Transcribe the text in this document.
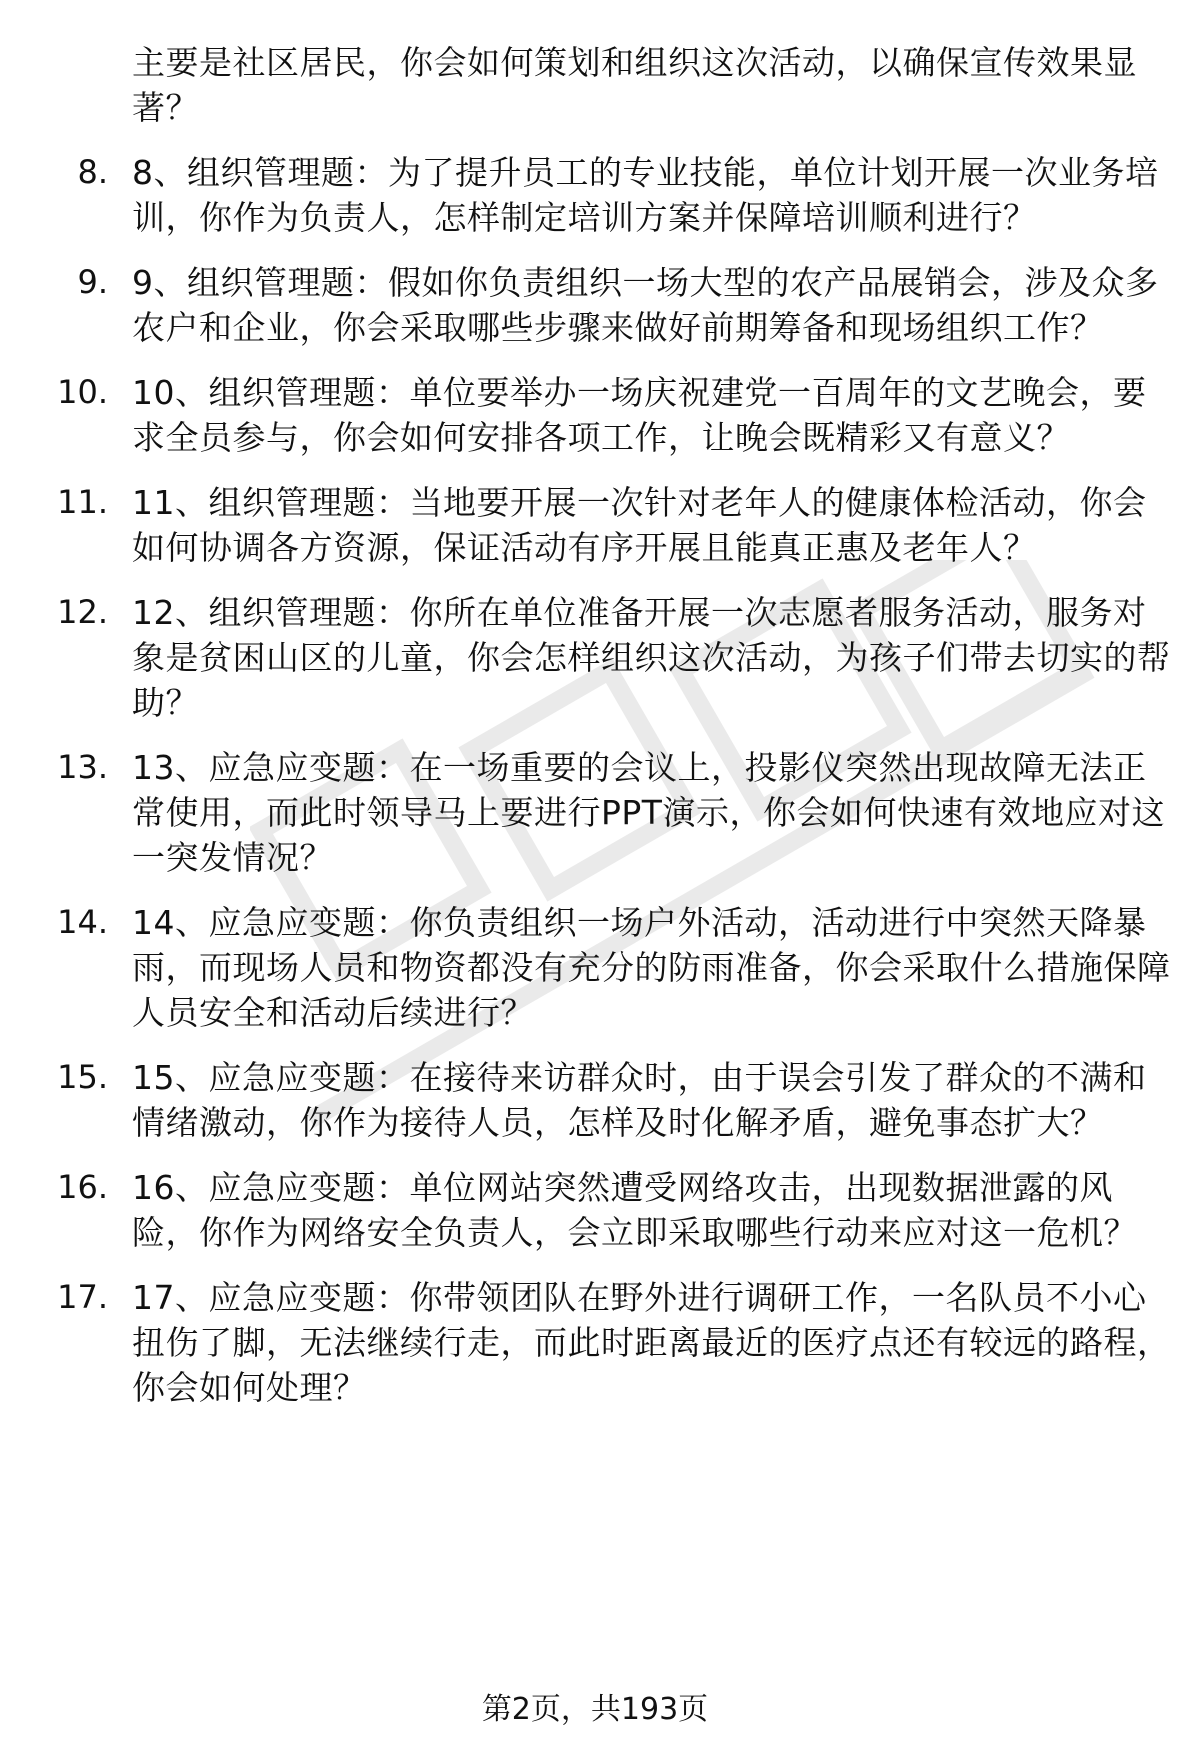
主要是社区居民，你会如何策划和组织这次活动，以确保宣传效果显著？
8. 8、组织管理题：为了提升员工的专业技能，单位计划开展一次业务培训，你作为负责人，怎样制定培训方案并保障培训顺利进行？
9. 9、组织管理题：假如你负责组织一场大型的农产品展销会，涉及众多农户和企业，你会采取哪些步骤来做好前期筹备和现场组织工作？
10. 10、组织管理题：单位要举办一场庆祝建党一百周年的文艺晚会，要求全员参与，你会如何安排各项工作，让晚会既精彩又有意义？
11. 11、组织管理题：当地要开展一次针对老年人的健康体检活动，你会如何协调各方资源，保证活动有序开展且能真正惠及老年人？
12. 12、组织管理题：你所在单位准备开展一次志愿者服务活动，服务对象是贫困山区的儿童，你会怎样组织这次活动，为孩子们带去切实的帮助？
13. 13、应急应变题：在一场重要的会议上，投影仪突然出现故障无法正常使用，而此时领导马上要进行PPT演示，你会如何快速有效地应对这一突发情况？
14. 14、应急应变题：你负责组织一场户外活动，活动进行中突然天降暴雨，而现场人员和物资都没有充分的防雨准备，你会采取什么措施保障人员安全和活动后续进行？
15. 15、应急应变题：在接待来访群众时，由于误会引发了群众的不满和情绪激动，你作为接待人员，怎样及时化解矛盾，避免事态扩大？
16. 16、应急应变题：单位网站突然遭受网络攻击，出现数据泄露的风险，你作为网络安全负责人，会立即采取哪些行动来应对这一危机？
17. 17、应急应变题：你带领团队在野外进行调研工作，一名队员不小心扭伤了脚，无法继续行走，而此时距离最近的医疗点还有较远的路程，你会如何处理？
第2页，共193页
